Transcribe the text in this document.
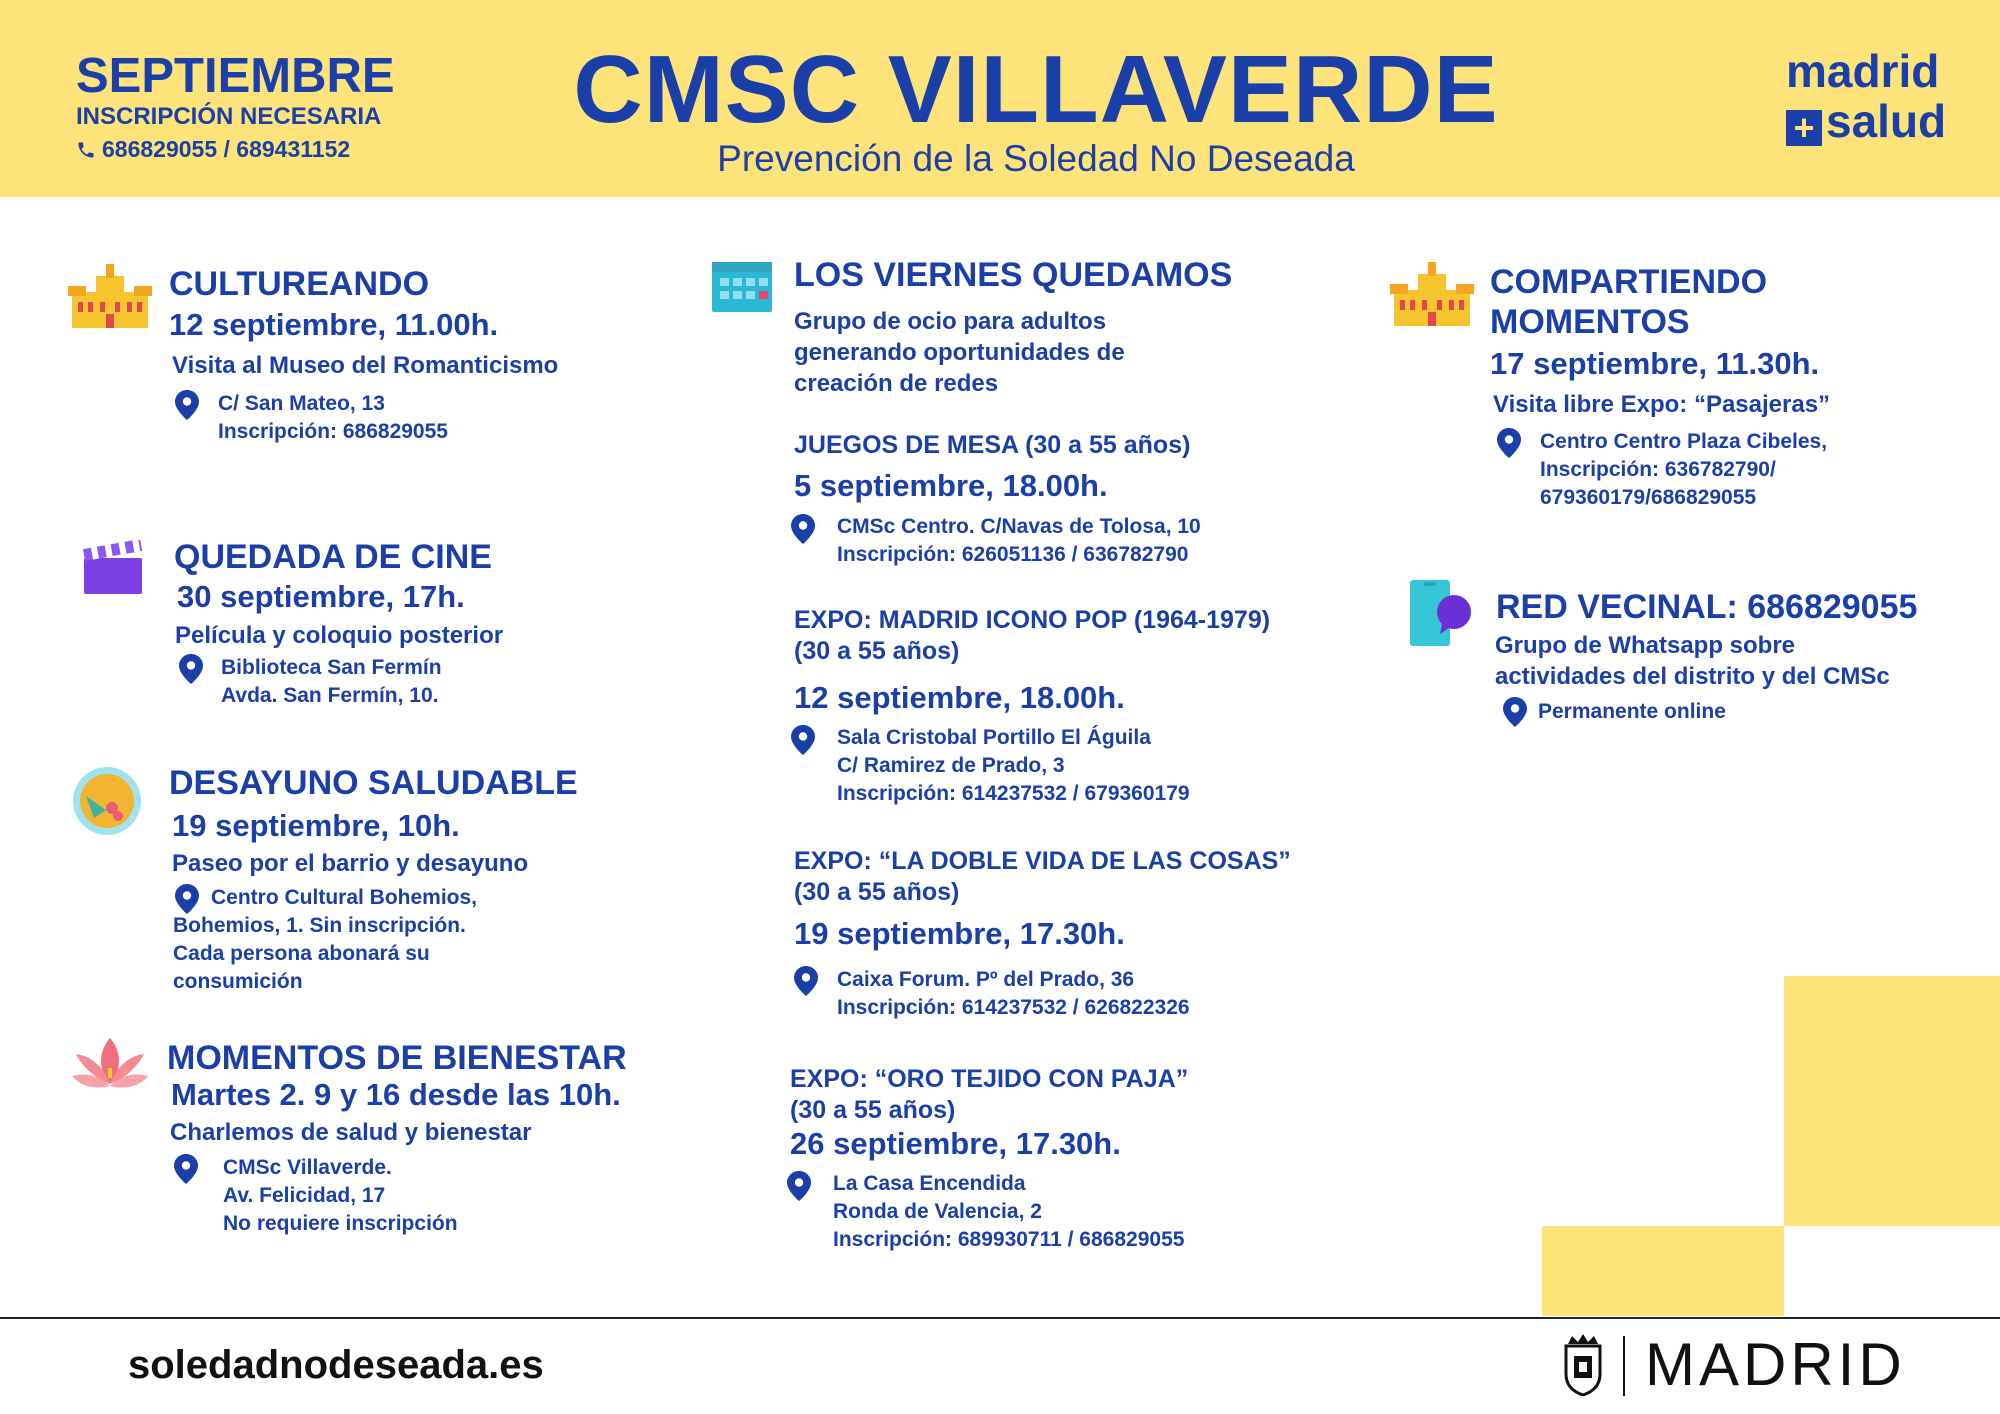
SEPTIEMBRE
INSCRIPCIÓN NECESARIA
686829055 / 689431152
CMSC VILLAVERDE
Prevención de la Soledad No Deseada
madrid
+ salud
CULTUREANDO
12 septiembre, 11.00h.
Visita al Museo del Romanticismo
C/ San Mateo, 13
Inscripción: 686829055
QUEDADA DE CINE
30 septiembre, 17h.
Película y coloquio posterior
Biblioteca San Fermín
Avda. San Fermín, 10.
DESAYUNO SALUDABLE
19 septiembre, 10h.
Paseo por el barrio y desayuno
Centro Cultural Bohemios,
Bohemios, 1. Sin inscripción.
Cada persona abonará su
consumición
MOMENTOS DE BIENESTAR
Martes 2. 9 y 16 desde las 10h.
Charlemos de salud y bienestar
CMSc Villaverde.
Av. Felicidad, 17
No requiere inscripción
LOS VIERNES QUEDAMOS
Grupo de ocio para adultos
generando oportunidades de
creación de redes
JUEGOS DE MESA (30 a 55 años)
5 septiembre, 18.00h.
CMSc Centro. C/Navas de Tolosa, 10
Inscripción: 626051136 / 636782790
EXPO: MADRID ICONO POP (1964-1979)
(30 a 55 años)
12 septiembre, 18.00h.
Sala Cristobal Portillo El Águila
C/ Ramirez de Prado, 3
Inscripción: 614237532 / 679360179
EXPO: “LA DOBLE VIDA DE LAS COSAS”
(30 a 55 años)
19 septiembre, 17.30h.
Caixa Forum. Pº del Prado, 36
Inscripción: 614237532 / 626822326
EXPO: “ORO TEJIDO CON PAJA”
(30 a 55 años)
26 septiembre, 17.30h.
La Casa Encendida
Ronda de Valencia, 2
Inscripción: 689930711 / 686829055
COMPARTIENDO
MOMENTOS
17 septiembre, 11.30h.
Visita libre Expo: “Pasajeras”
Centro Centro Plaza Cibeles,
Inscripción: 636782790/
679360179/686829055
RED VECINAL: 686829055
Grupo de Whatsapp sobre
actividades del distrito y del CMSc
Permanente online
soledadnodeseada.es	MADRID
